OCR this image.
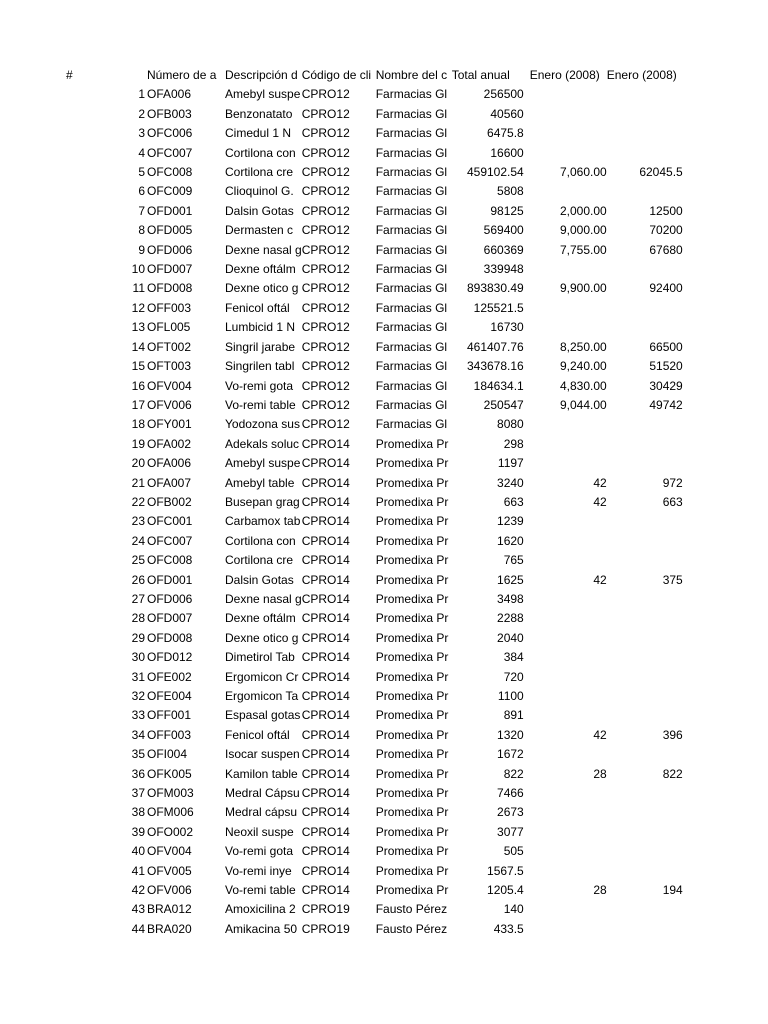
#	Número de a	Descripción d	Código de cli	Nombre del c	Total anual	Enero (2008)	Enero (2008)
1	OFA006	Amebyl suspe	CPRO12	Farmacias Gl	256500		
2	OFB003	Benzonatato	CPRO12	Farmacias Gl	40560		
3	OFC006	Cimedul 1 N	CPRO12	Farmacias Gl	6475.8		
4	OFC007	Cortilona con	CPRO12	Farmacias Gl	16600		
5	OFC008	Cortilona cre	CPRO12	Farmacias Gl	459102.54	7,060.00	62045.5
6	OFC009	Clioquinol G.	CPRO12	Farmacias Gl	5808		
7	OFD001	Dalsin Gotas	CPRO12	Farmacias Gl	98125	2,000.00	12500
8	OFD005	Dermasten c	CPRO12	Farmacias Gl	569400	9,000.00	70200
9	OFD006	Dexne nasal g	CPRO12	Farmacias Gl	660369	7,755.00	67680
10	OFD007	Dexne oftálm	CPRO12	Farmacias Gl	339948		
11	OFD008	Dexne otico g	CPRO12	Farmacias Gl	893830.49	9,900.00	92400
12	OFF003	Fenicol oftál	CPRO12	Farmacias Gl	125521.5		
13	OFL005	Lumbicid 1 N	CPRO12	Farmacias Gl	16730		
14	OFT002	Singril jarabe	CPRO12	Farmacias Gl	461407.76	8,250.00	66500
15	OFT003	Singrilen tabl	CPRO12	Farmacias Gl	343678.16	9,240.00	51520
16	OFV004	Vo-remi gota	CPRO12	Farmacias Gl	184634.1	4,830.00	30429
17	OFV006	Vo-remi table	CPRO12	Farmacias Gl	250547	9,044.00	49742
18	OFY001	Yodozona sus	CPRO12	Farmacias Gl	8080		
19	OFA002	Adekals soluc	CPRO14	Promedixa Pr	298		
20	OFA006	Amebyl suspe	CPRO14	Promedixa Pr	1197		
21	OFA007	Amebyl table	CPRO14	Promedixa Pr	3240	42	972
22	OFB002	Busepan grag	CPRO14	Promedixa Pr	663	42	663
23	OFC001	Carbamox tab	CPRO14	Promedixa Pr	1239		
24	OFC007	Cortilona con	CPRO14	Promedixa Pr	1620		
25	OFC008	Cortilona cre	CPRO14	Promedixa Pr	765		
26	OFD001	Dalsin Gotas	CPRO14	Promedixa Pr	1625	42	375
27	OFD006	Dexne nasal g	CPRO14	Promedixa Pr	3498		
28	OFD007	Dexne oftálm	CPRO14	Promedixa Pr	2288		
29	OFD008	Dexne otico g	CPRO14	Promedixa Pr	2040		
30	OFD012	Dimetirol Tab	CPRO14	Promedixa Pr	384		
31	OFE002	Ergomicon Cr	CPRO14	Promedixa Pr	720		
32	OFE004	Ergomicon Ta	CPRO14	Promedixa Pr	1100		
33	OFF001	Espasal gotas	CPRO14	Promedixa Pr	891		
34	OFF003	Fenicol oftál	CPRO14	Promedixa Pr	1320	42	396
35	OFI004	Isocar suspen	CPRO14	Promedixa Pr	1672		
36	OFK005	Kamilon table	CPRO14	Promedixa Pr	822	28	822
37	OFM003	Medral Cápsu	CPRO14	Promedixa Pr	7466		
38	OFM006	Medral cápsu	CPRO14	Promedixa Pr	2673		
39	OFO002	Neoxil suspe	CPRO14	Promedixa Pr	3077		
40	OFV004	Vo-remi gota	CPRO14	Promedixa Pr	505		
41	OFV005	Vo-remi inye	CPRO14	Promedixa Pr	1567.5		
42	OFV006	Vo-remi table	CPRO14	Promedixa Pr	1205.4	28	194
43	BRA012	Amoxicilina 2	CPRO19	Fausto Pérez	140		
44	BRA020	Amikacina 50	CPRO19	Fausto Pérez	433.5		
